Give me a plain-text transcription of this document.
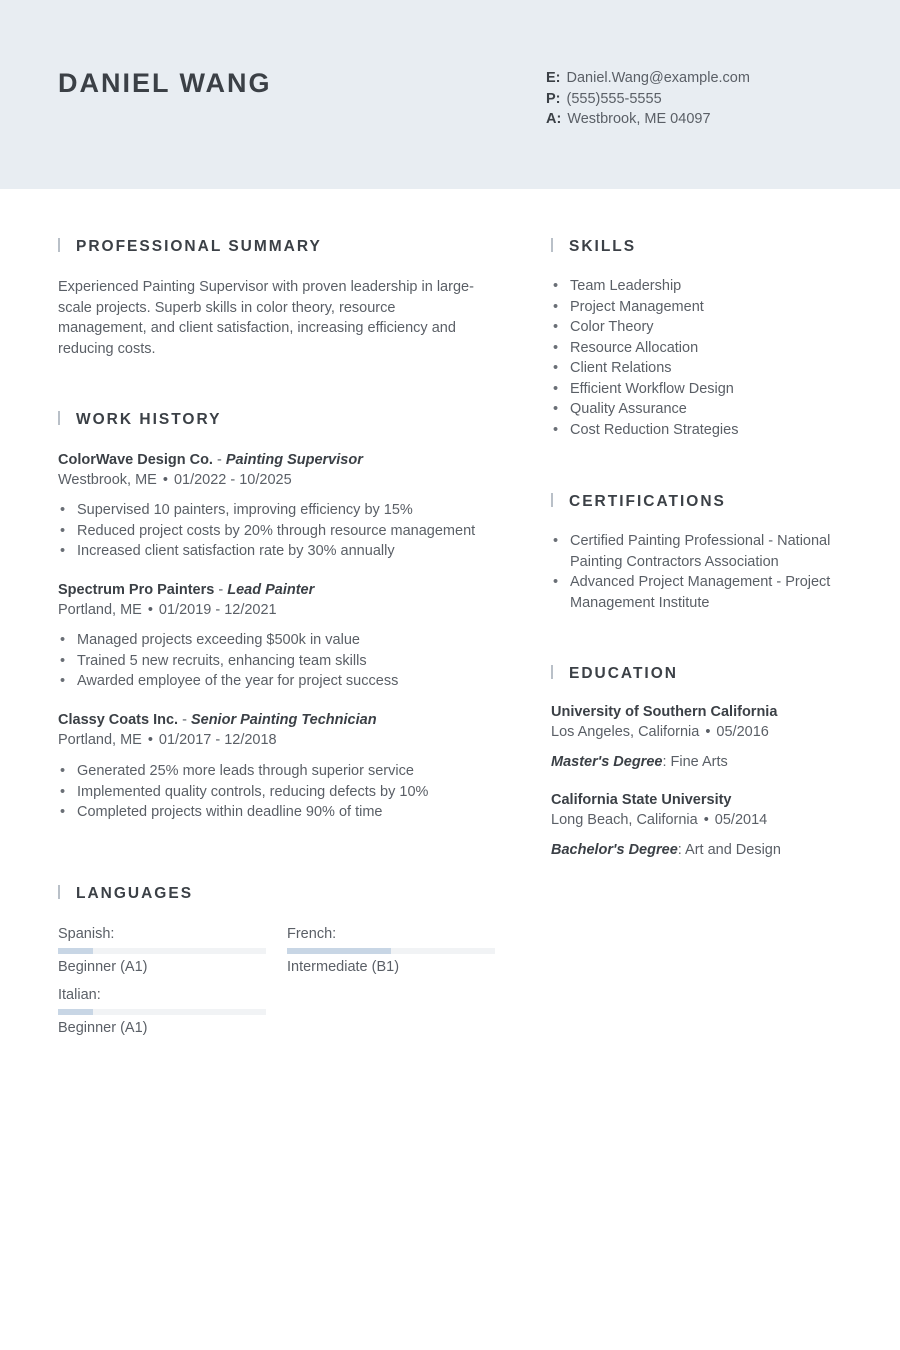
DANIEL WANG	E: Daniel.Wang@example.com
P: (555)555-5555
A: Westbrook, ME 04097
PROFESSIONAL SUMMARY
Experienced Painting Supervisor with proven leadership in large-scale projects. Superb skills in color theory, resource management, and client satisfaction, increasing efficiency and reducing costs.
WORK HISTORY
ColorWave Design Co. - Painting Supervisor
Westbrook, ME • 01/2022 - 10/2025
• Supervised 10 painters, improving efficiency by 15%
• Reduced project costs by 20% through resource management
• Increased client satisfaction rate by 30% annually
Spectrum Pro Painters - Lead Painter
Portland, ME • 01/2019 - 12/2021
• Managed projects exceeding $500k in value
• Trained 5 new recruits, enhancing team skills
• Awarded employee of the year for project success
Classy Coats Inc. - Senior Painting Technician
Portland, ME • 01/2017 - 12/2018
• Generated 25% more leads through superior service
• Implemented quality controls, reducing defects by 10%
• Completed projects within deadline 90% of time
LANGUAGES
Spanish:
Beginner (A1)
French:
Intermediate (B1)
Italian:
Beginner (A1)
SKILLS
• Team Leadership
• Project Management
• Color Theory
• Resource Allocation
• Client Relations
• Efficient Workflow Design
• Quality Assurance
• Cost Reduction Strategies
CERTIFICATIONS
• Certified Painting Professional - National Painting Contractors Association
• Advanced Project Management - Project Management Institute
EDUCATION
University of Southern California
Los Angeles, California • 05/2016
Master's Degree: Fine Arts
California State University
Long Beach, California • 05/2014
Bachelor's Degree: Art and Design
